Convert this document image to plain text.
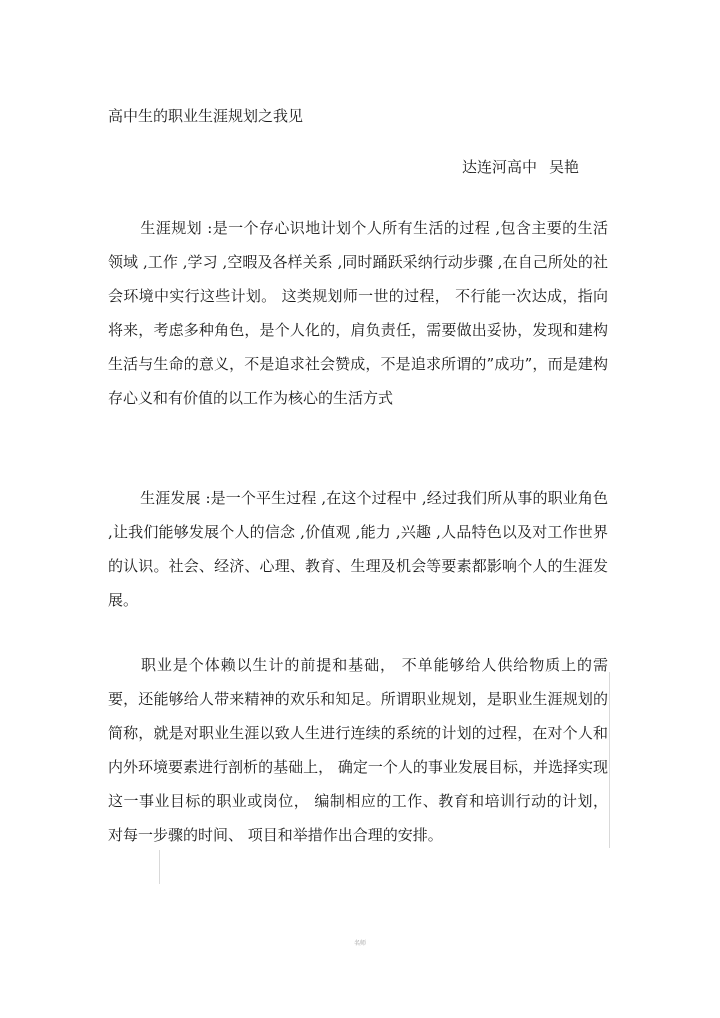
高中生的职业生涯规划之我见
达连河高中 吴艳

生涯规划 :是一个存心识地计划个人所有生活的过程 ,包含主要的生活领域 ,工作 ,学习 ,空暇及各样关系 ,同时踊跃采纳行动步骤 ,在自己所处的社会环境中实行这些计划。 这类规划师一世的过程， 不行能一次达成，指向将来，考虑多种角色，是个人化的，肩负责任，需要做出妥协，发现和建构生活与生命的意义，不是追求社会赞成，不是追求所谓的”成功”，而是建构存心义和有价值的以工作为核心的生活方式

生涯发展 :是一个平生过程 ,在这个过程中 ,经过我们所从事的职业角色 ,让我们能够发展个人的信念 ,价值观 ,能力 ,兴趣 ,人品特色以及对工作世界的认识。社会、经济、心理、教育、生理及机会等要素都影响个人的生涯发展。

职业是个体赖以生计的前提和基础， 不单能够给人供给物质上的需要，还能够给人带来精神的欢乐和知足。所谓职业规划，是职业生涯规划的简称，就是对职业生涯以致人生进行连续的系统的计划的过程，在对个人和内外环境要素进行剖析的基础上， 确定一个人的事业发展目标，并选择实现这一事业目标的职业或岗位， 编制相应的工作、教育和培训行动的计划， 对每一步骤的时间、 项目和举措作出合理的安排。

名师
